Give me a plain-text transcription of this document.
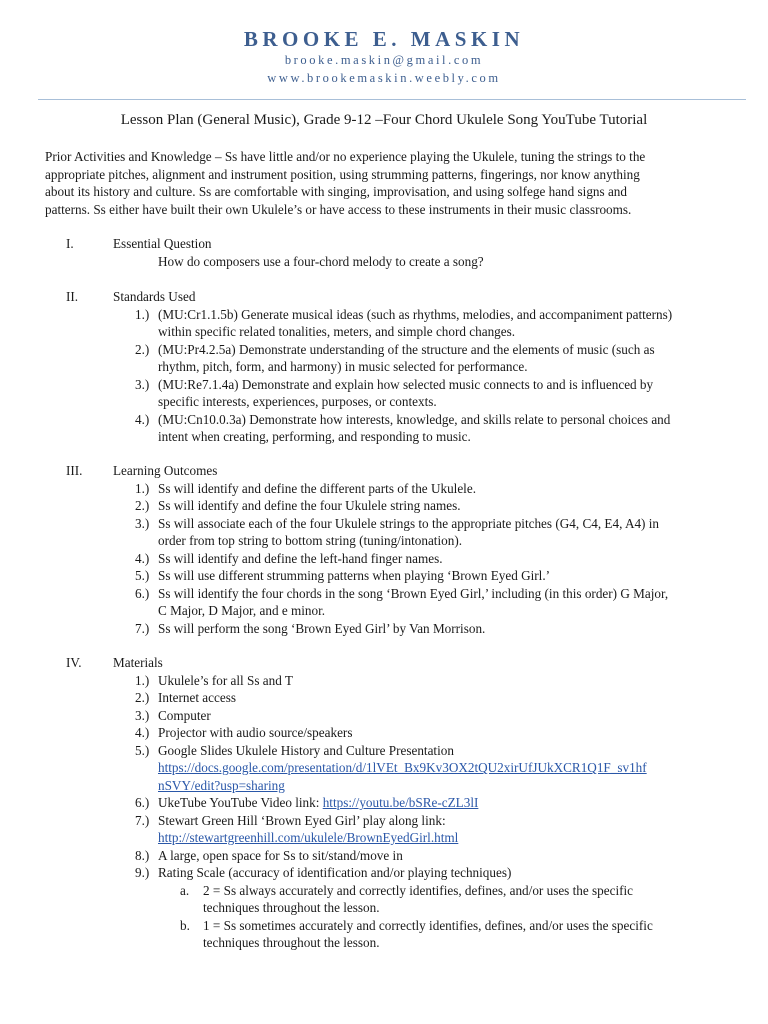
BROOKE E. MASKIN
brooke.maskin@gmail.com
www.brookemaskin.weebly.com
Lesson Plan (General Music), Grade 9-12 –Four Chord Ukulele Song YouTube Tutorial

Prior Activities and Knowledge – Ss have little and/or no experience playing the Ukulele, tuning the strings to the

appropriate pitches, alignment and instrument position, using strumming patterns, fingerings, nor know anything

about its history and culture. Ss are comfortable with singing, improvisation, and using solfege hand signs and

patterns. Ss either have built their own Ukulele’s or have access to these instruments in their music classrooms.

I.	Essential Question
How do composers use a four-chord melody to create a song?
II.	Standards Used
1.) (MU:Cr1.1.5b) Generate musical ideas (such as rhythms, melodies, and accompaniment patterns)
within specific related tonalities, meters, and simple chord changes.
2.) (MU:Pr4.2.5a) Demonstrate understanding of the structure and the elements of music (such as
rhythm, pitch, form, and harmony) in music selected for performance.
3.) (MU:Re7.1.4a) Demonstrate and explain how selected music connects to and is influenced by
specific interests, experiences, purposes, or contexts.
4.) (MU:Cn10.0.3a) Demonstrate how interests, knowledge, and skills relate to personal choices and
intent when creating, performing, and responding to music.
III. Learning Outcomes
1.) Ss will identify and define the different parts of the Ukulele.
2.) Ss will identify and define the four Ukulele string names.
3.) Ss will associate each of the four Ukulele strings to the appropriate pitches (G4, C4, E4, A4) in
order from top string to bottom string (tuning/intonation).
4.) Ss will identify and define the left-hand finger names.
5.) Ss will use different strumming patterns when playing ‘Brown Eyed Girl.’
6.) Ss will identify the four chords in the song ‘Brown Eyed Girl,’ including (in this order) G Major,
C Major, D Major, and e minor.
7.) Ss will perform the song ‘Brown Eyed Girl’ by Van Morrison.
IV. Materials
1.) Ukulele’s for all Ss and T
2.) Internet access
3.) Computer
4.) Projector with audio source/speakers
5.) Google Slides Ukulele History and Culture Presentation
https://docs.google.com/presentation/d/1lVEt_Bx9Kv3OX2tQU2xirUfJUkXCR1Q1F_sv1hf
nSVY/edit?usp=sharing
6.) UkeTube YouTube Video link: https://youtu.be/bSRe-cZL3lI
7.) Stewart Green Hill ‘Brown Eyed Girl’ play along link:
http://stewartgreenhill.com/ukulele/BrownEyedGirl.html
8.) A large, open space for Ss to sit/stand/move in
9.) Rating Scale (accuracy of identification and/or playing techniques)
a. 2 = Ss always accurately and correctly identifies, defines, and/or uses the specific
techniques throughout the lesson.
b. 1 = Ss sometimes accurately and correctly identifies, defines, and/or uses the specific
techniques throughout the lesson.
